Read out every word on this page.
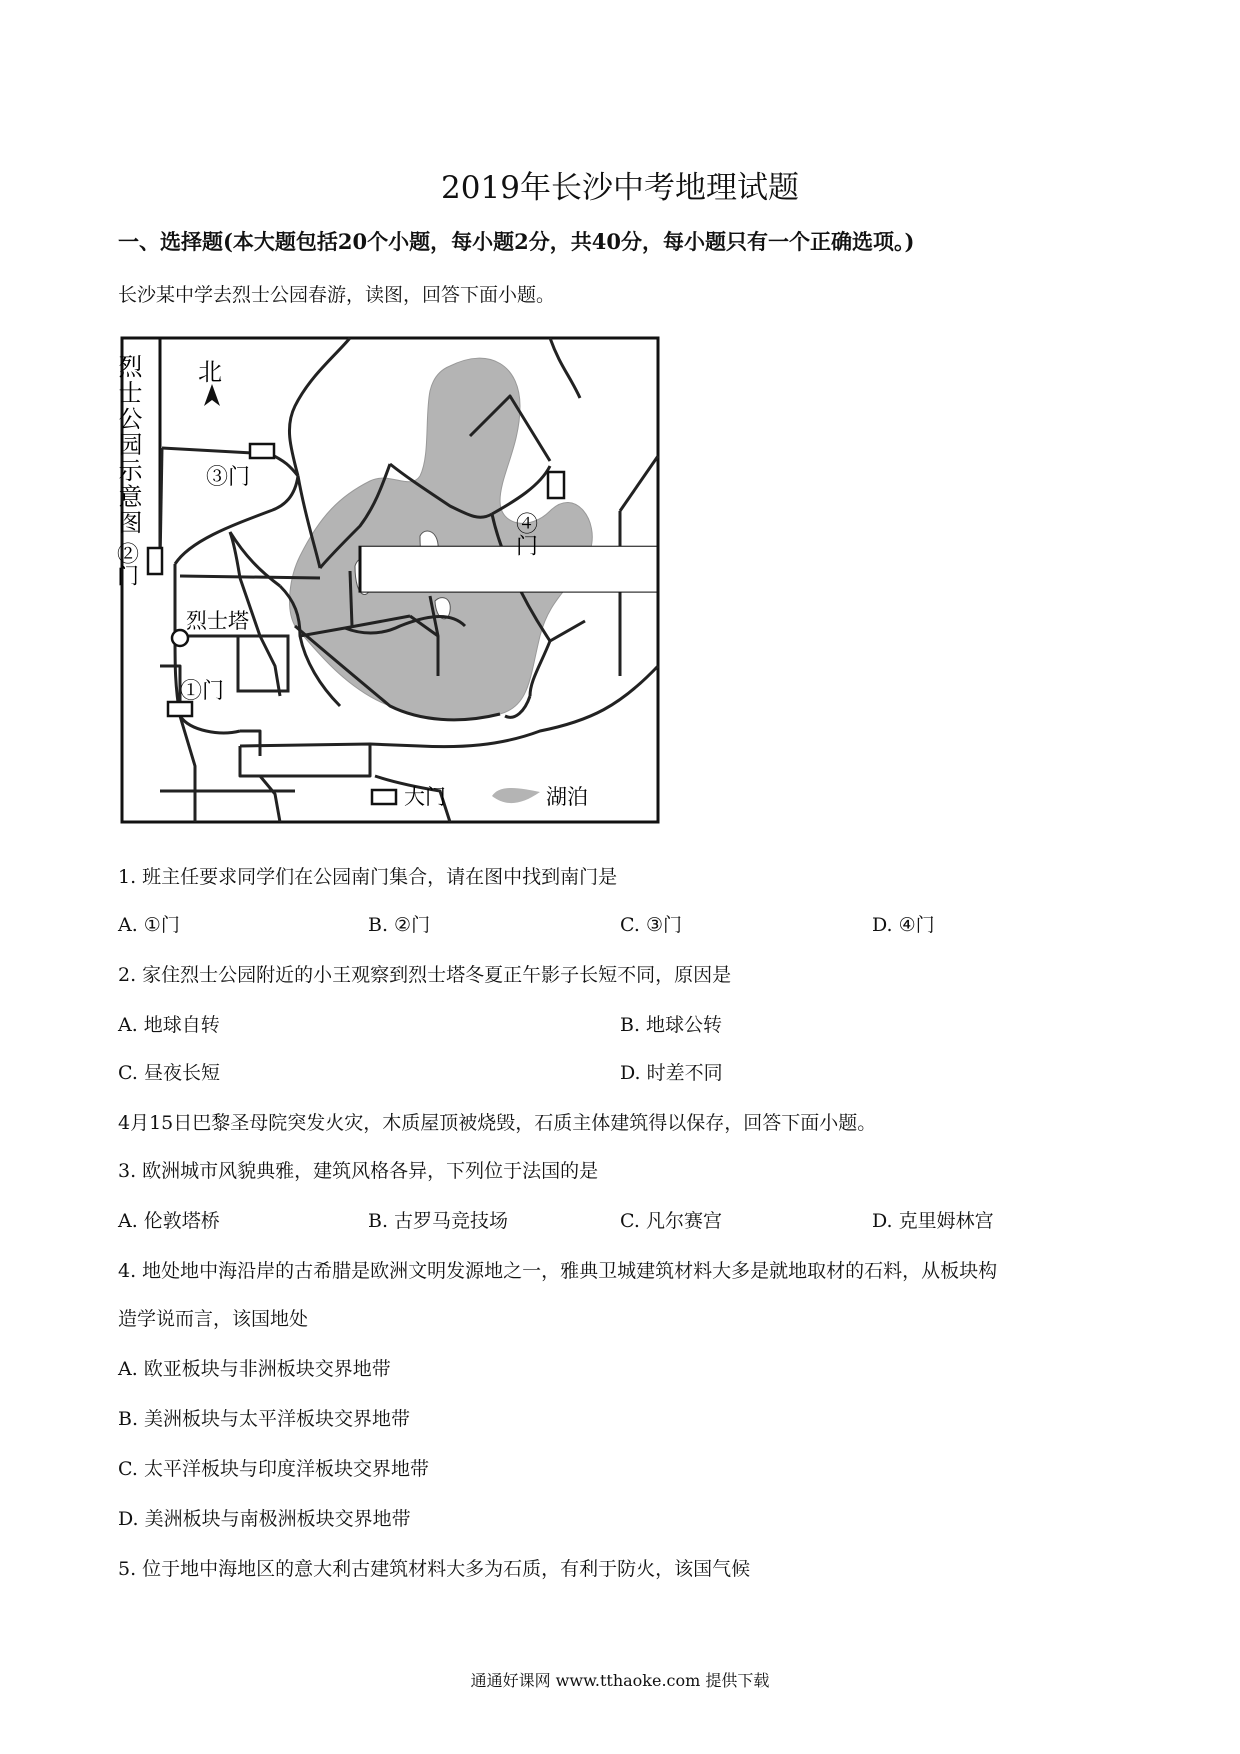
2019年长沙中考地理试题
一、选择题(本大题包括20个小题，每小题2分，共40分，每小题只有一个正确选项。)
长沙某中学去烈士公园春游，读图，回答下面小题。
烈士公园示意图 北
③门
②门
④门
烈士塔
①门
大门	湖泊
1. 班主任要求同学们在公园南门集合，请在图中找到南门是
A. ①门	B. ②门	C. ③门	D. ④门
2. 家住烈士公园附近的小王观察到烈士塔冬夏正午影子长短不同，原因是
A. 地球自转	B. 地球公转
C. 昼夜长短	D. 时差不同
4月15日巴黎圣母院突发火灾，木质屋顶被烧毁，石质主体建筑得以保存，回答下面小题。
3. 欧洲城市风貌典雅，建筑风格各异，下列位于法国的是
A. 伦敦塔桥	B. 古罗马竞技场	C. 凡尔赛宫	D. 克里姆林宫
4. 地处地中海沿岸的古希腊是欧洲文明发源地之一，雅典卫城建筑材料大多是就地取材的石料，从板块构
造学说而言，该国地处
A. 欧亚板块与非洲板块交界地带
B. 美洲板块与太平洋板块交界地带
C. 太平洋板块与印度洋板块交界地带
D. 美洲板块与南极洲板块交界地带
5. 位于地中海地区的意大利古建筑材料大多为石质，有利于防火，该国气候
通通好课网 www.tthaoke.com 提供下载
